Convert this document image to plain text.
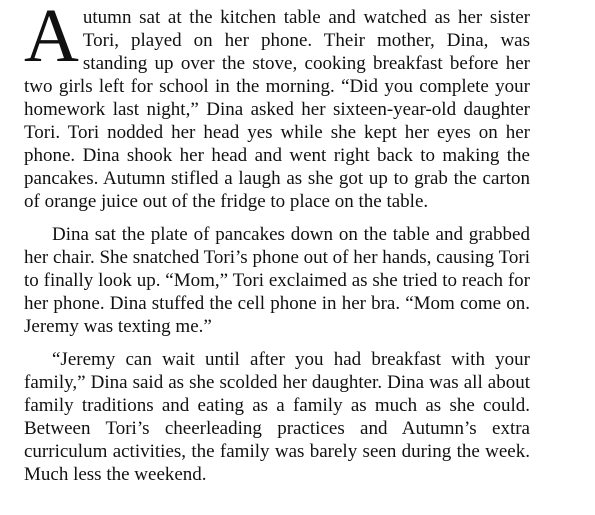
Autumn sat at the kitchen table and watched as her sister Tori, played on her phone. Their mother, Dina, was standing up over the stove, cooking breakfast before her two girls left for school in the morning. “Did you complete your homework last night,” Dina asked her sixteen-year-old daughter Tori. Tori nodded her head yes while she kept her eyes on her phone. Dina shook her head and went right back to making the pancakes. Autumn stifled a laugh as she got up to grab the carton of orange juice out of the fridge to place on the table.

Dina sat the plate of pancakes down on the table and grabbed her chair. She snatched Tori’s phone out of her hands, causing Tori to finally look up. “Mom,” Tori exclaimed as she tried to reach for her phone. Dina stuffed the cell phone in her bra. “Mom come on. Jeremy was texting me.”

“Jeremy can wait until after you had breakfast with your family,” Dina said as she scolded her daughter. Dina was all about family traditions and eating as a family as much as she could. Between Tori’s cheerleading practices and Autumn’s extra curriculum activities, the family was barely seen during the week. Much less the weekend.
